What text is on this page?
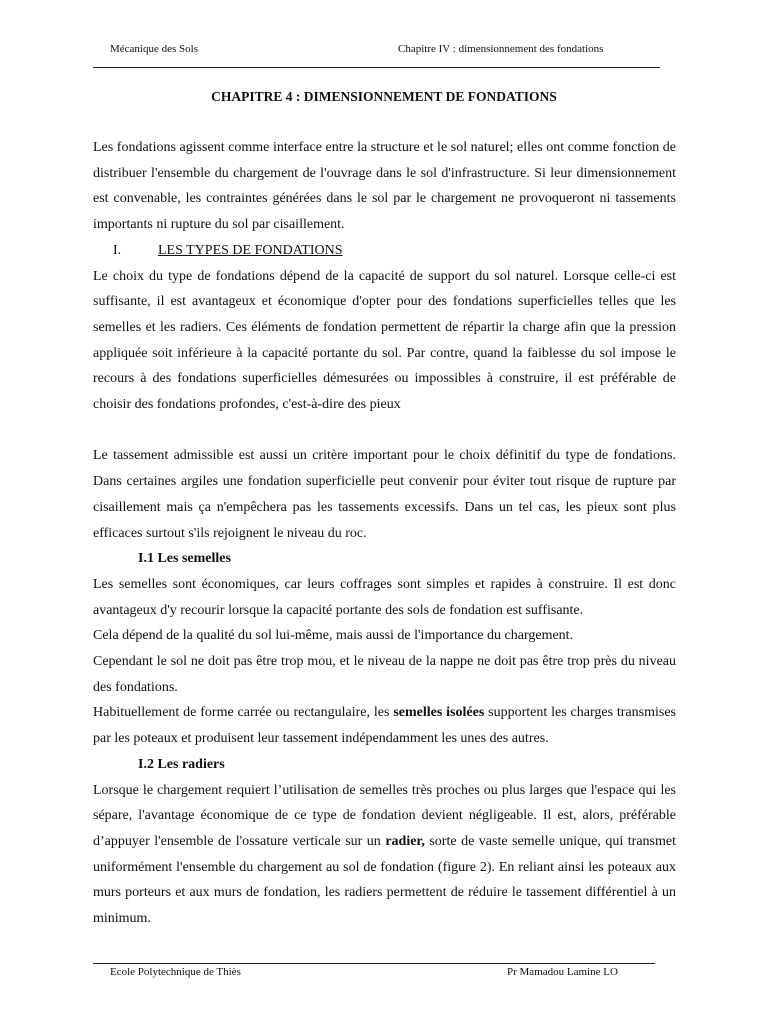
Mécanique des Sols	Chapitre IV : dimensionnement des fondations
CHAPITRE 4 : DIMENSIONNEMENT DE FONDATIONS

Les fondations agissent comme interface entre la structure et le sol naturel; elles ont comme fonction de distribuer l'ensemble du chargement de l'ouvrage dans le sol d'infrastructure. Si leur dimensionnement est convenable, les contraintes générées dans le sol par le chargement ne provoqueront ni tassements importants ni rupture du sol par cisaillement.

I.	LES TYPES DE FONDATIONS

Le choix du type de fondations dépend de la capacité de support du sol naturel. Lorsque celle-ci est suffisante, il est avantageux et économique d'opter pour des fondations superficielles telles que les semelles et les radiers. Ces éléments de fondation permettent de répartir la charge afin que la pression appliquée soit inférieure à la capacité portante du sol. Par contre, quand la faiblesse du sol impose le recours à des fondations superficielles démesurées ou impossibles à construire, il est préférable de choisir des fondations profondes, c'est-à-dire des pieux

Le tassement admissible est aussi un critère important pour le choix définitif du type de fondations. Dans certaines argiles une fondation superficielle peut convenir pour éviter tout risque de rupture par cisaillement mais ça n'empêchera pas les tassements excessifs. Dans un tel cas, les pieux sont plus efficaces surtout s'ils rejoignent le niveau du roc.

I.1 Les semelles

Les semelles sont économiques, car leurs coffrages sont simples et rapides à construire. Il est donc avantageux d'y recourir lorsque la capacité portante des sols de fondation est suffisante.

Cela dépend de la qualité du sol lui-même, mais aussi de l'importance du chargement.

Cependant le sol ne doit pas être trop mou, et le niveau de la nappe ne doit pas être trop près du niveau des fondations.

Habituellement de forme carrée ou rectangulaire, les semelles isolées supportent les charges transmises par les poteaux et produisent leur tassement indépendamment les unes des autres.

I.2 Les radiers

Lorsque le chargement requiert l’utilisation de semelles très proches ou plus larges que l'espace qui les sépare, l'avantage économique de ce type de fondation devient négligeable. Il est, alors, préférable d’appuyer l'ensemble de l'ossature verticale sur un radier, sorte de vaste semelle unique, qui transmet uniformément l'ensemble du chargement au sol de fondation (figure 2). En reliant ainsi les poteaux aux murs porteurs et aux murs de fondation, les radiers permettent de réduire le tassement différentiel à un minimum.

Ecole Polytechnique de Thiès	Pr Mamadou Lamine LO
